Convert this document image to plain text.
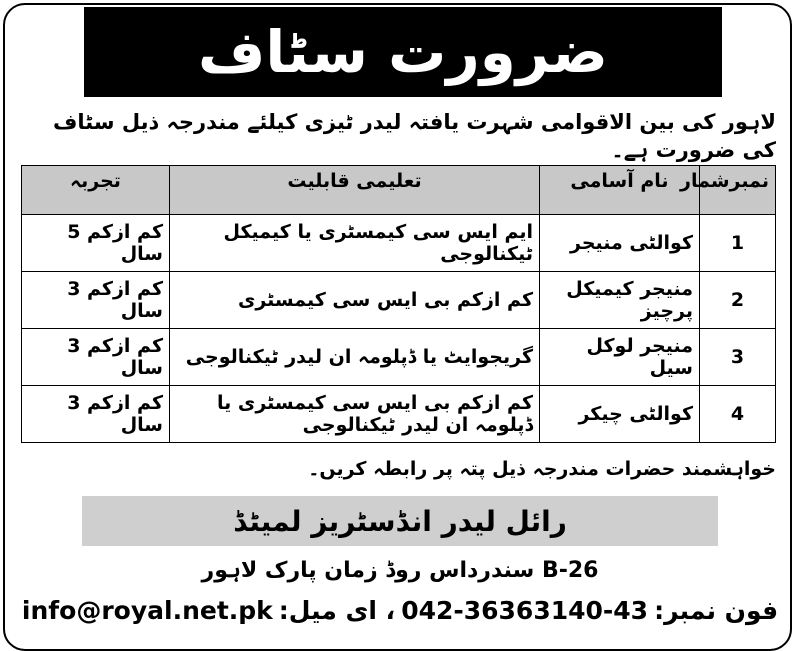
ضرورت سٹاف
لاہور کی بین الاقوامی شہرت یافتہ لیدر ٹیزی کیلئے مندرجہ ذیل سٹاف کی ضرورت ہے۔
نمبرشمار	نام آسامی	تعلیمی قابلیت	تجربہ
1	کوالٹی منیجر	ایم ایس سی کیمسٹری یا کیمیکل ٹیکنالوجی	کم ازکم 5 سال
2	منیجر کیمیکل پرچیز	کم ازکم بی ایس سی کیمسٹری	کم ازکم 3 سال
3	منیجر لوکل سیل	گریجوایٹ یا ڈپلومہ ان لیدر ٹیکنالوجی	کم ازکم 3 سال
4	کوالٹی چیکر	کم ازکم بی ایس سی کیمسٹری یا ڈپلومہ ان لیدر ٹیکنالوجی	کم ازکم 3 سال
خواہشمند حضرات مندرجہ ذیل پتہ پر رابطہ کریں۔
رائل لیدر انڈسٹریز لمیٹڈ
B-26 سندرداس روڈ زمان پارک لاہور
فون نمبر:
042-36363140-43
، ای میل:
info@royal.net.pk
